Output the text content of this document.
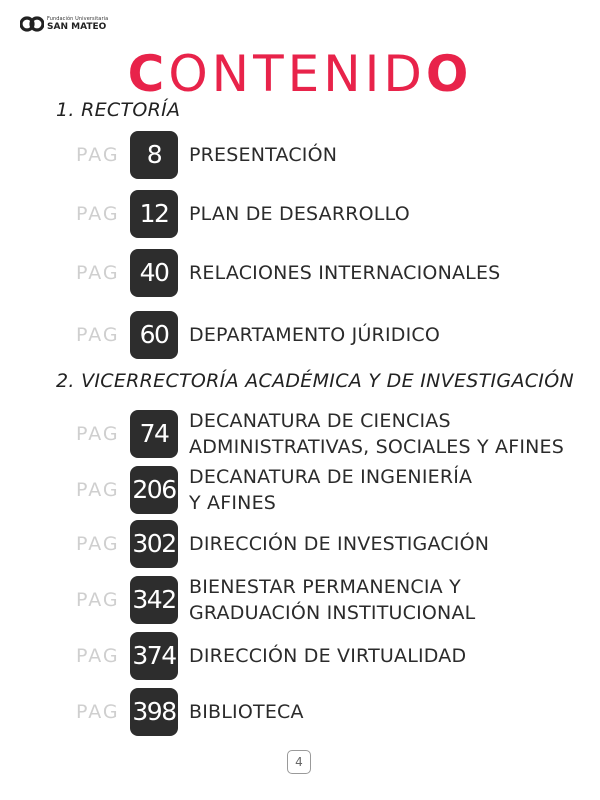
Fundación Universitaria
SAN MATEO
CONTENIDO
1. RECTORÍA
PAG	8	PRESENTACIÓN
PAG 12	PLAN DE DESARROLLO
PAG 40	RELACIONES INTERNACIONALES
PAG 60	DEPARTAMENTO JÚRIDICO
2. VICERRECTORÍA ACADÉMICA Y DE INVESTIGACIÓN
PAG 74	DECANATURA DE CIENCIAS ADMINISTRATIVAS, SOCIALES Y AFINES
PAG 206 DECANATURA DE INGENIERÍA Y AFINES
PAG 302 DIRECCIÓN DE INVESTIGACIÓN
PAG 342 BIENESTAR PERMANENCIA Y GRADUACIÓN INSTITUCIONAL
PAG 374 DIRECCIÓN DE VIRTUALIDAD
PAG 398 BIBLIOTECA
4
